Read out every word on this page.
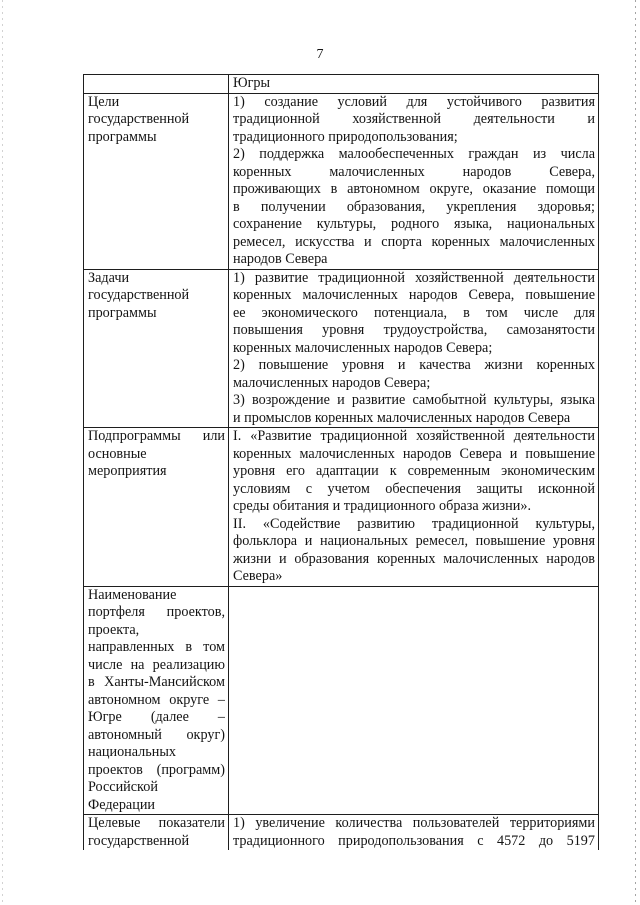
7
Югры
Цели
государственной
программы
1) создание условий для устойчивого развития
традиционной хозяйственной деятельности и
традиционного природопользования;
2) поддержка малообеспеченных граждан из числа
коренных малочисленных народов Севера,
проживающих в автономном округе, оказание помощи
в получении образования, укрепления здоровья;
сохранение культуры, родного языка, национальных
ремесел, искусства и спорта коренных малочисленных
народов Севера
Задачи
государственной
программы
1) развитие традиционной хозяйственной деятельности
коренных малочисленных народов Севера, повышение
ее экономического потенциала, в том числе для
повышения уровня трудоустройства, самозанятости
коренных малочисленных народов Севера;
2) повышение уровня и качества жизни коренных
малочисленных народов Севера;
3) возрождение и развитие самобытной культуры, языка
и промыслов коренных малочисленных народов Севера
Подпрограммы или
основные
мероприятия
I. «Развитие традиционной хозяйственной деятельности
коренных малочисленных народов Севера и повышение
уровня его адаптации к современным экономическим
условиям с учетом обеспечения защиты исконной
среды обитания и традиционного образа жизни».
II. «Содействие развитию традиционной культуры,
фольклора и национальных ремесел, повышение уровня
жизни и образования коренных малочисленных народов
Севера»
Наименование
портфеля проектов,
проекта,
направленных в том
числе на реализацию
в Ханты-Мансийском
автономном округе –
Югре (далее –
автономный округ)
национальных
проектов (программ)
Российской
Федерации
Целевые показатели
государственной
1) увеличение количества пользователей территориями
традиционного природопользования с 4572 до 5197
